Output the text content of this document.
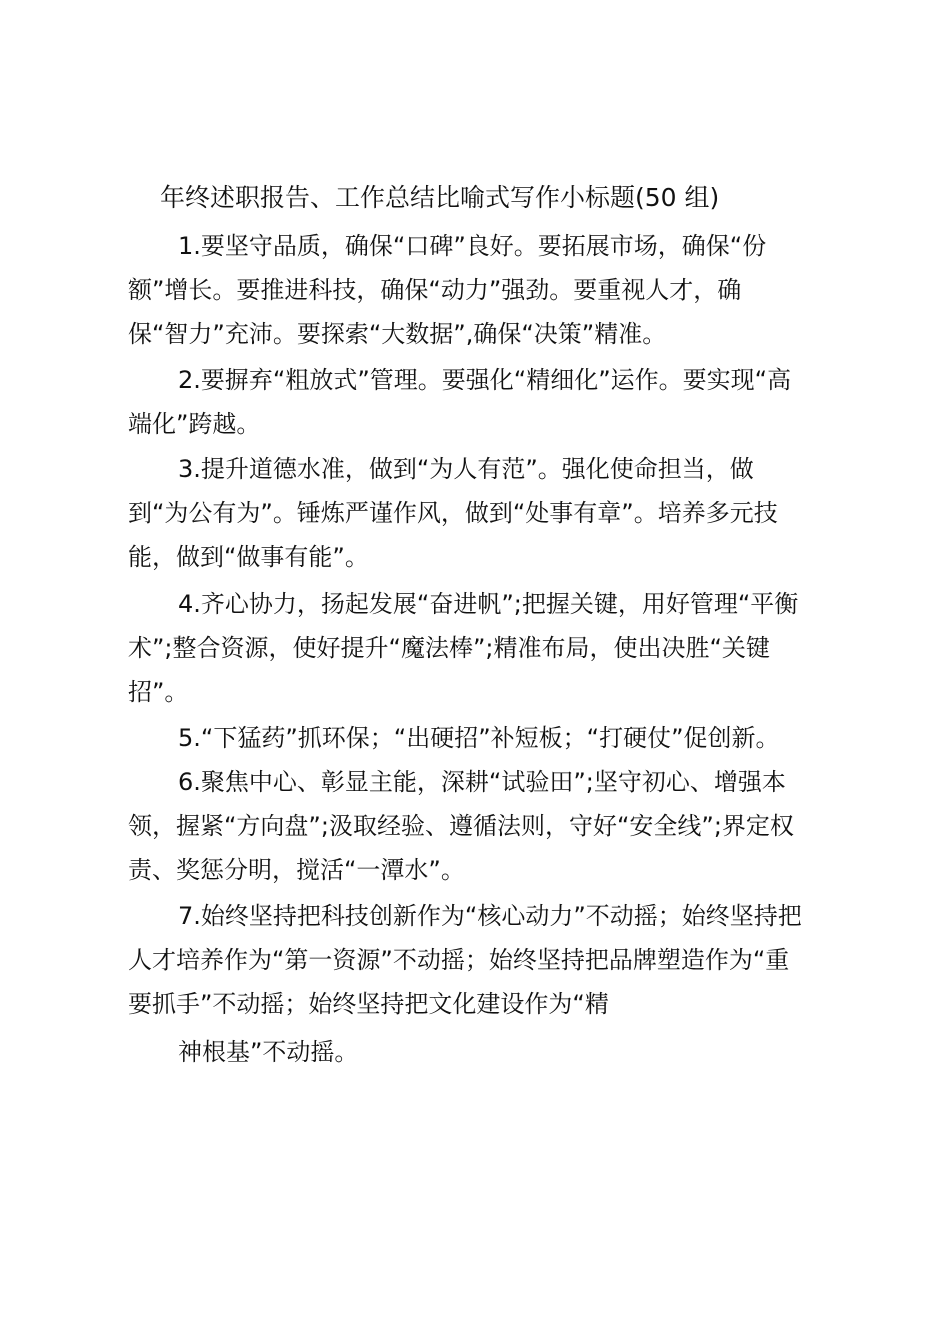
年终述职报告、工作总结比喻式写作小标题(50 组)
1.要坚守品质，确保“口碑”良好。要拓展市场，确保“份
额”增长。要推进科技，确保“动力”强劲。要重视人才，确
保“智力”充沛。要探索“大数据”,确保“决策”精准。
2.要摒弃“粗放式”管理。要强化“精细化”运作。要实现“高
端化”跨越。
3.提升道德水准，做到“为人有范”。强化使命担当，做
到“为公有为”。锤炼严谨作风，做到“处事有章”。培养多元技
能，做到“做事有能”。
4.齐心协力，扬起发展“奋进帆”;把握关键，用好管理“平衡
术”;整合资源，使好提升“魔法棒”;精准布局，使出决胜“关键
招”。
5.“下猛药”抓环保；“出硬招”补短板；“打硬仗”促创新。
6.聚焦中心、彰显主能，深耕“试验田”;坚守初心、增强本
领，握紧“方向盘”;汲取经验、遵循法则，守好“安全线”;界定权
责、奖惩分明，搅活“一潭水”。
7.始终坚持把科技创新作为“核心动力”不动摇；始终坚持把
人才培养作为“第一资源”不动摇；始终坚持把品牌塑造作为“重
要抓手”不动摇；始终坚持把文化建设作为“精
神根基”不动摇。
